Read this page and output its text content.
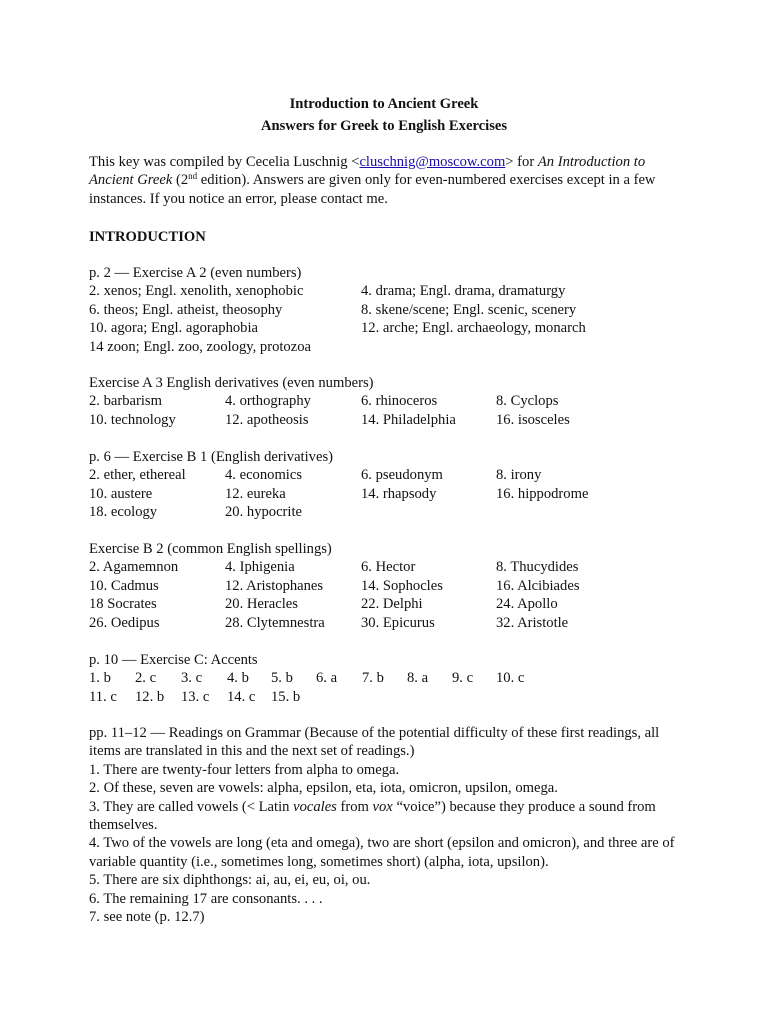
Introduction to Ancient Greek
Answers for Greek to English Exercises
This key was compiled by Cecelia Luschnig <cluschnig@moscow.com> for An Introduction to Ancient Greek (2nd edition). Answers are given only for even-numbered exercises except in a few instances. If you notice an error, please contact me.
INTRODUCTION
p. 2 — Exercise A 2 (even numbers)
2. xenos; Engl. xenolith, xenophobic	4. drama; Engl. drama, dramaturgy
6. theos; Engl. atheist, theosophy	8. skene/scene; Engl. scenic, scenery
10. agora; Engl. agoraphobia	12. arche; Engl. archaeology, monarch
14 zoon; Engl. zoo, zoology, protozoa
Exercise A 3 English derivatives (even numbers)
2. barbarism	4. orthography	6. rhinoceros	8. Cyclops
10. technology	12. apotheosis	14. Philadelphia	16. isosceles
p. 6 — Exercise B 1 (English derivatives)
2. ether, ethereal	4. economics	6. pseudonym	8. irony
10. austere	12. eureka	14. rhapsody	16. hippodrome
18. ecology	20. hypocrite
Exercise B 2 (common English spellings)
2. Agamemnon	4. Iphigenia	6. Hector	8. Thucydides
10. Cadmus	12. Aristophanes	14. Sophocles	16. Alcibiades
18 Socrates	20. Heracles	22. Delphi	24. Apollo
26. Oedipus	28. Clytemnestra 30. Epicurus	32. Aristotle
p. 10 — Exercise C: Accents
1. b 2. c 3. c 4. b 5. b 6. a 7. b 8. a 9. c 10. c
11. c 12. b 13. c 14. c 15. b

pp. 11–12 — Readings on Grammar (Because of the potential difficulty of these first readings, all items are translated in this and the next set of readings.)

1. There are twenty-four letters from alpha to omega.

2. Of these, seven are vowels: alpha, epsilon, eta, iota, omicron, upsilon, omega.

3. They are called vowels (< Latin vocales from vox “voice”) because they produce a sound from themselves.

4. Two of the vowels are long (eta and omega), two are short (epsilon and omicron), and three are of variable quantity (i.e., sometimes long, sometimes short) (alpha, iota, upsilon).

5. There are six diphthongs: ai, au, ei, eu, oi, ou.

6. The remaining 17 are consonants. . . .

7. see note (p. 12.7)
